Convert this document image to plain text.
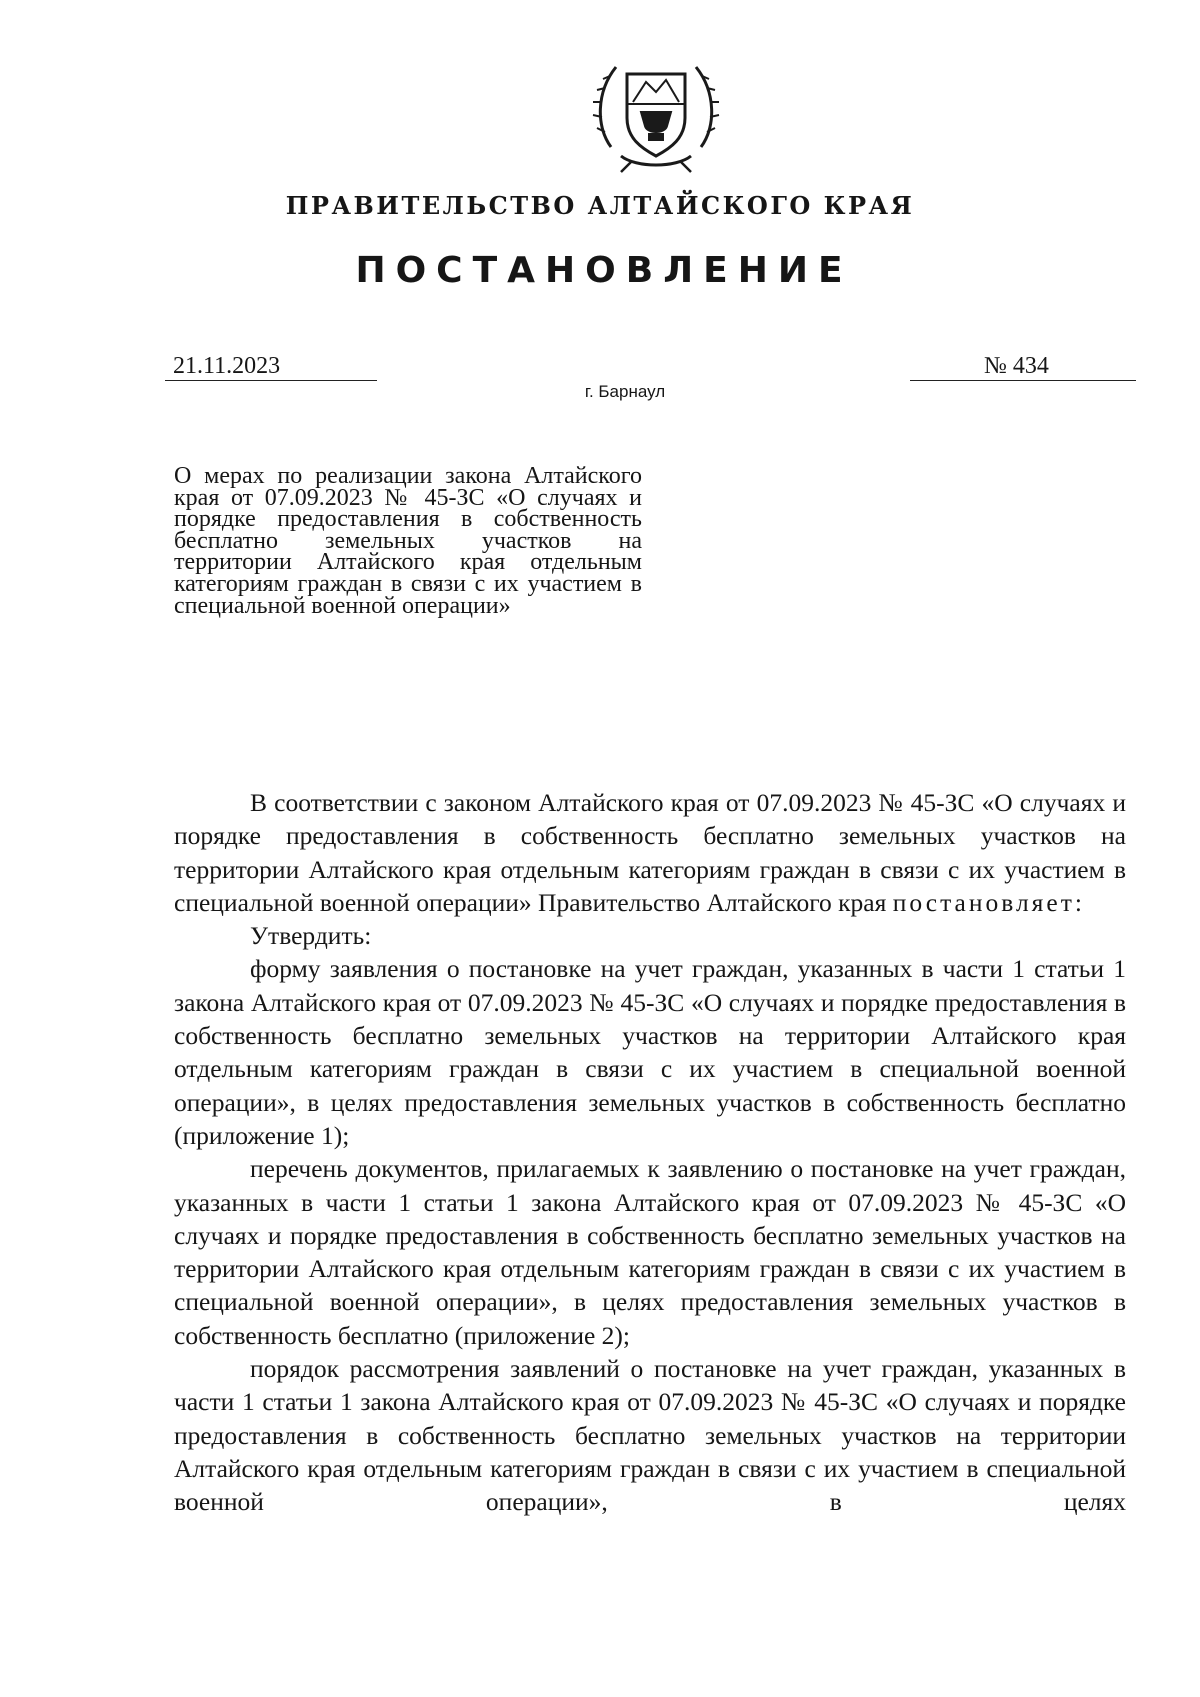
ПРАВИТЕЛЬСТВО АЛТАЙСКОГО КРАЯ
ПОСТАНОВЛЕНИЕ
21.11.2023	№ 434
г. Барнаул
О мерах по реализации закона Алтайского края от 07.09.2023 № 45-ЗС «О случаях и порядке предоставления в собственность бесплатно земельных участков на территории Алтайского края отдельным категориям граждан в связи с их участием в специальной военной операции»

В соответствии с законом Алтайского края от 07.09.2023 № 45-ЗС «О случаях и порядке предоставления в собственность бесплатно земельных участков на территории Алтайского края отдельным категориям граждан в связи с их участием в специальной военной операции» Правительство Алтайского края постановляет:

Утвердить:

форму заявления о постановке на учет граждан, указанных в части 1 статьи 1 закона Алтайского края от 07.09.2023 № 45-ЗС «О случаях и порядке предоставления в собственность бесплатно земельных участков на территории Алтайского края отдельным категориям граждан в связи с их участием в специальной военной операции», в целях предоставления земельных участков в собственность бесплатно (приложение 1);

перечень документов, прилагаемых к заявлению о постановке на учет граждан, указанных в части 1 статьи 1 закона Алтайского края от 07.09.2023 № 45-ЗС «О случаях и порядке предоставления в собственность бесплатно земельных участков на территории Алтайского края отдельным категориям граждан в связи с их участием в специальной военной операции», в целях предоставления земельных участков в собственность бесплатно (приложение 2);

порядок рассмотрения заявлений о постановке на учет граждан, указанных в части 1 статьи 1 закона Алтайского края от 07.09.2023 № 45-ЗС «О случаях и порядке предоставления в собственность бесплатно земельных участков на территории Алтайского края отдельным категориям граждан в связи с их участием в специальной военной операции», в целях
